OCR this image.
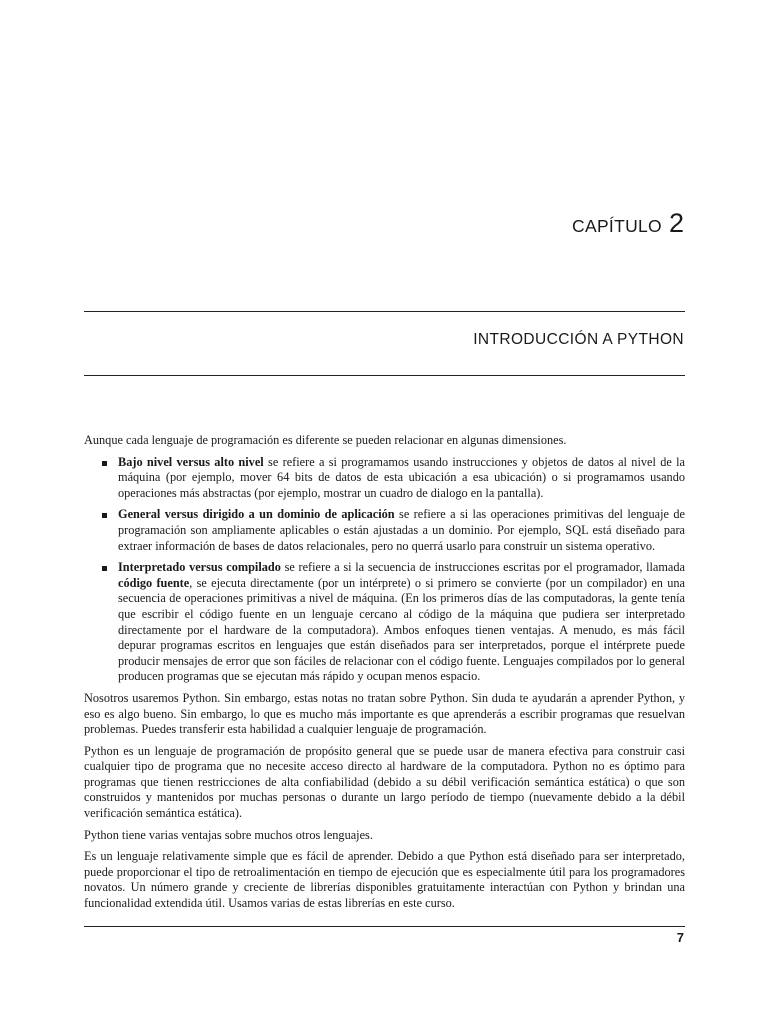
CAPÍTULO 2
INTRODUCCIÓN A PYTHON

Aunque cada lenguaje de programación es diferente se pueden relacionar en algunas dimensiones.

Bajo nivel versus alto nivel se refiere a si programamos usando instrucciones y objetos de datos al nivel de la máquina (por ejemplo, mover 64 bits de datos de esta ubicación a esa ubicación) o si programamos usando operaciones más abstractas (por ejemplo, mostrar un cuadro de dialogo en la pantalla).
General versus dirigido a un dominio de aplicación se refiere a si las operaciones primitivas del lenguaje de programación son ampliamente aplicables o están ajustadas a un dominio. Por ejemplo, SQL está diseñado para extraer información de bases de datos relacionales, pero no querrá usarlo para construir un sistema operativo.
Interpretado versus compilado se refiere a si la secuencia de instrucciones escritas por el programador, llamada código fuente, se ejecuta directamente (por un intérprete) o si primero se convierte (por un compilador) en una secuencia de operaciones primitivas a nivel de máquina. (En los primeros días de las computadoras, la gente tenía que escribir el código fuente en un lenguaje cercano al código de la máquina que pudiera ser interpretado directamente por el hardware de la computadora). Ambos enfoques tienen ventajas. A menudo, es más fácil depurar programas escritos en lenguajes que están diseñados para ser interpretados, porque el intérprete puede producir mensajes de error que son fáciles de relacionar con el código fuente. Lenguajes compilados por lo general producen programas que se ejecutan más rápido y ocupan menos espacio.

Nosotros usaremos Python. Sin embargo, estas notas no tratan sobre Python. Sin duda te ayudarán a aprender Python, y eso es algo bueno. Sin embargo, lo que es mucho más importante es que aprenderás a escribir programas que resuelvan problemas. Puedes transferir esta habilidad a cualquier lenguaje de programación.

Python es un lenguaje de programación de propósito general que se puede usar de manera efectiva para construir casi cualquier tipo de programa que no necesite acceso directo al hardware de la computadora. Python no es óptimo para programas que tienen restricciones de alta confiabilidad (debido a su débil verificación semántica estática) o que son construidos y mantenidos por muchas personas o durante un largo período de tiempo (nuevamente debido a la débil verificación semántica estática).

Python tiene varias ventajas sobre muchos otros lenguajes.

Es un lenguaje relativamente simple que es fácil de aprender. Debido a que Python está diseñado para ser interpretado, puede proporcionar el tipo de retroalimentación en tiempo de ejecución que es especialmente útil para los programadores novatos. Un número grande y creciente de librerías disponibles gratuitamente interactúan con Python y brindan una funcionalidad extendida útil. Usamos varias de estas librerías en este curso.

7
